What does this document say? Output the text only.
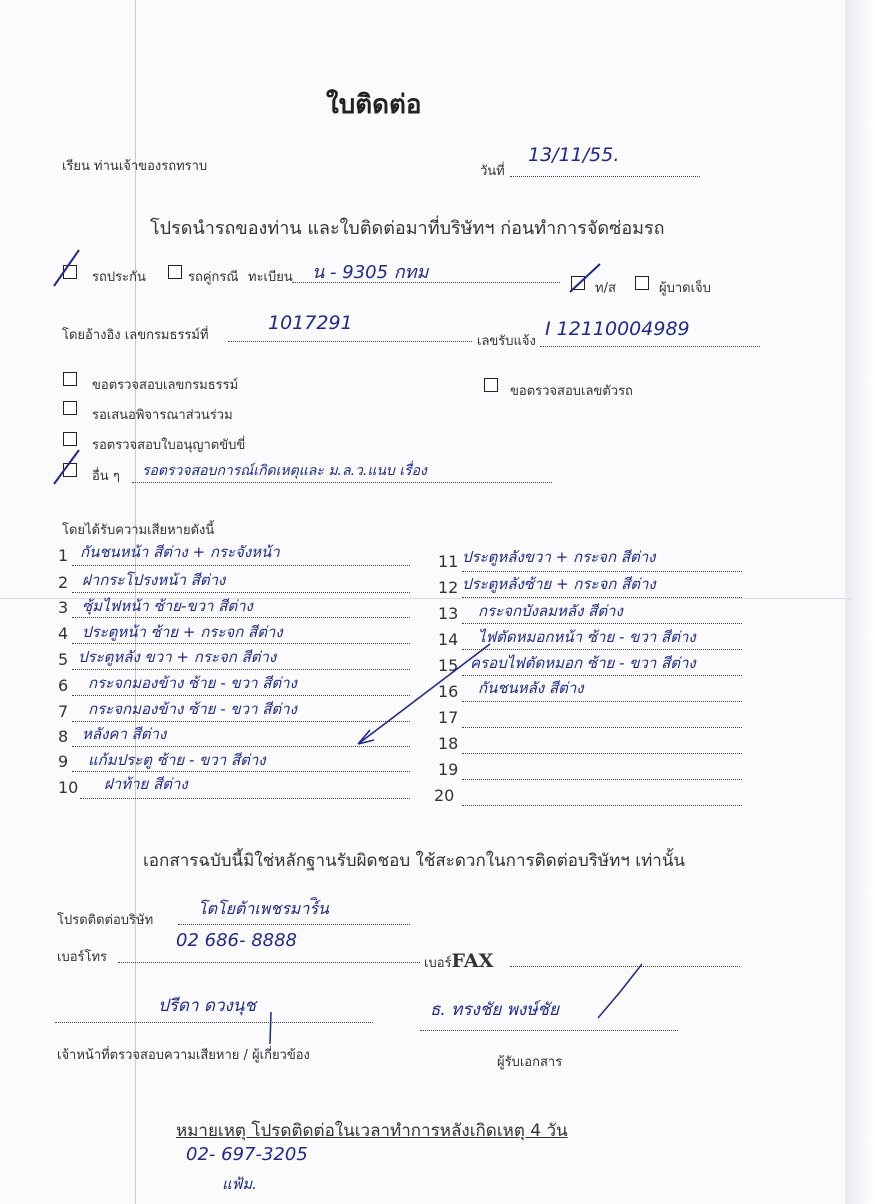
ใบติดต่อ
เรียน ท่านเจ้าของรถทราบ	วันที่
13/11/55.
โปรดนำรถของท่าน และใบติดต่อมาที่บริษัทฯ ก่อนทำการจัดซ่อมรถ
รถประกัน	รถคู่กรณี ทะเบียน น - 9305 กทม
ท/ส	ผู้บาดเจ็บ
โดยอ้างอิง เลขกรมธรรม์ที่
1017291
เลขรับแจ้ง
I 12110004989
ขอตรวจสอบเลขกรมธรรม์	ขอตรวจสอบเลขตัวรถ
รอเสนอพิจารณาส่วนร่วม
รอตรวจสอบใบอนุญาตขับขี่
อื่น ๆ รอตรวจสอบการณ์เกิดเหตุและ ม.ล.ว.แนบ เรื่อง
โดยได้รับความเสียหายดังนี้
1 กันชนหน้า สีต่าง + กระจังหน้า
2 ฝากระโปรงหน้า สีต่าง
3 ซุ้มไฟหน้า ซ้าย-ขวา สีต่าง
4 ประตูหน้า ซ้าย + กระจก สีต่าง
5 ประตูหลัง ขวา + กระจก สีต่าง
6 กระจกมองข้าง ซ้าย - ขวา สีต่าง
7 กระจกมองข้าง ซ้าย - ขวา สีต่าง
8 หลังคา สีต่าง
9 แก้มประตู ซ้าย - ขวา สีต่าง
10 ฝาท้าย สีต่าง
11 ประตูหลังขวา + กระจก สีต่าง
12 ประตูหลังซ้าย + กระจก สีต่าง
13 กระจกบังลมหลัง สีต่าง
14 ไฟตัดหมอกหน้า ซ้าย - ขวา สีต่าง
15 ครอบไฟตัดหมอก ซ้าย - ขวา สีต่าง
16 กันชนหลัง สีต่าง
17
18
19
20
เอกสารฉบับนี้มิใช่หลักฐานรับผิดชอบ ใช้สะดวกในการติดต่อบริษัทฯ เท่านั้น
โปรดติดต่อบริษัท
โตโยต้าเพชรมาร์ิน
เบอร์โทร
02 686- 8888
เบอร์FAX
ปรีดา ดวงนุช	ธ. ทรงชัย พงษ์ชัย
เจ้าหน้าที่ตรวจสอบความเสียหาย / ผู้เกี่ยวข้อง	ผู้รับเอกสาร
หมายเหตุ โปรดติดต่อในเวลาทำการหลังเกิดเหตุ 4 วัน
02- 697-3205
แฟ้ม.
